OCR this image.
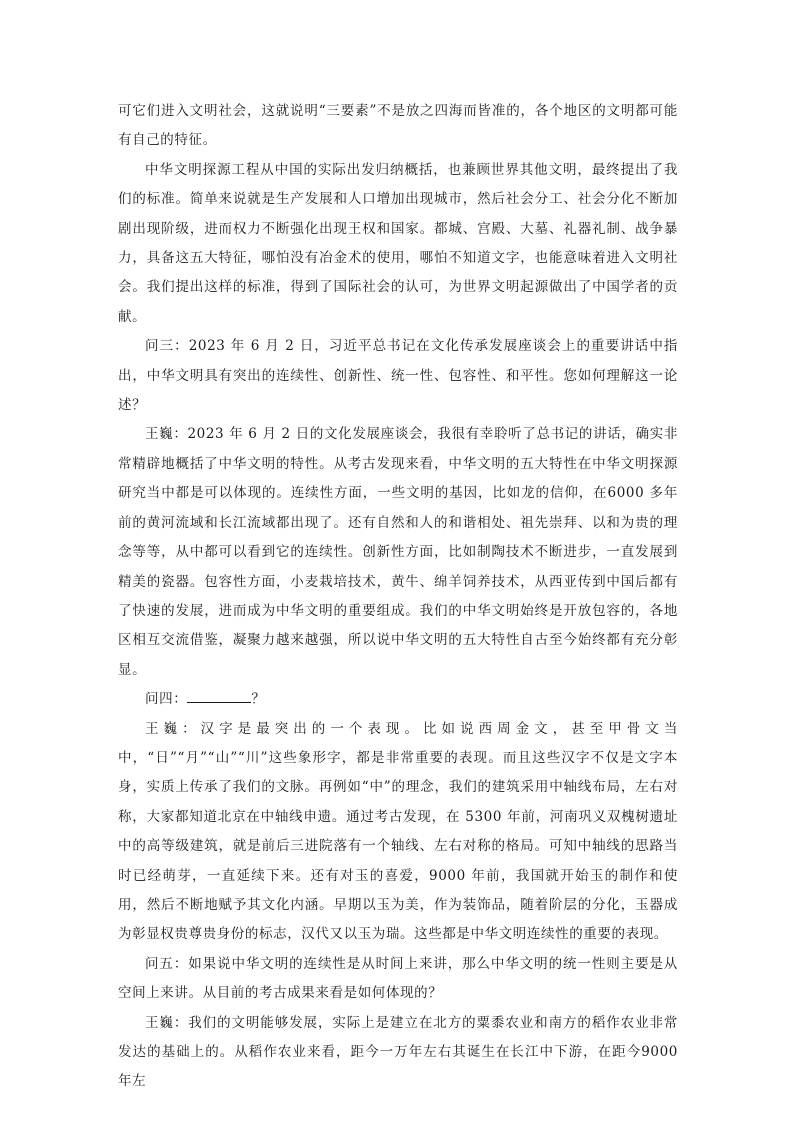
可它们进入文明社会，这就说明“三要素”不是放之四海而皆准的，各个地区的文明都可能有自己的特征。

中华文明探源工程从中国的实际出发归纳概括，也兼顾世界其他文明，最终提出了我们的标准。简单来说就是生产发展和人口增加出现城市，然后社会分工、社会分化不断加剧出现阶级，进而权力不断强化出现王权和国家。都城、宫殿、大墓、礼器礼制、战争暴力，具备这五大特征，哪怕没有冶金术的使用，哪怕不知道文字，也能意味着进入文明社会。我们提出这样的标准，得到了国际社会的认可，为世界文明起源做出了中国学者的贡献。

问三：2023 年 6 月 2 日，习近平总书记在文化传承发展座谈会上的重要讲话中指出，中华文明具有突出的连续性、创新性、统一性、包容性、和平性。您如何理解这一论述？

王巍：2023 年 6 月 2 日的文化发展座谈会，我很有幸聆听了总书记的讲话，确实非常精辟地概括了中华文明的特性。从考古发现来看，中华文明的五大特性在中华文明探源研究当中都是可以体现的。连续性方面，一些文明的基因，比如龙的信仰，在6000 多年前的黄河流域和长江流域都出现了。还有自然和人的和谐相处、祖先崇拜、以和为贵的理念等等，从中都可以看到它的连续性。创新性方面，比如制陶技术不断进步，一直发展到精美的瓷器。包容性方面，小麦栽培技术，黄牛、绵羊饲养技术，从西亚传到中国后都有了快速的发展，进而成为中华文明的重要组成。我们的中华文明始终是开放包容的，各地区相互交流借鉴，凝聚力越来越强，所以说中华文明的五大特性自古至今始终都有充分彰显。

问四：	？

王巍：汉字是最突出的一个表现。比如说西周金文，甚至甲骨文当中，“日”“月”“山”“川”这些象形字，都是非常重要的表现。而且这些汉字不仅是文字本身，实质上传承了我们的文脉。再例如“中”的理念，我们的建筑采用中轴线布局，左右对称，大家都知道北京在中轴线申遗。通过考古发现，在 5300 年前，河南巩义双槐树遗址中的高等级建筑，就是前后三进院落有一个轴线、左右对称的格局。可知中轴线的思路当时已经萌芽，一直延续下来。还有对玉的喜爱，9000 年前，我国就开始玉的制作和使用，然后不断地赋予其文化内涵。早期以玉为美，作为装饰品，随着阶层的分化，玉器成为彰显权贵尊贵身份的标志，汉代又以玉为瑞。这些都是中华文明连续性的重要的表现。

问五：如果说中华文明的连续性是从时间上来讲，那么中华文明的统一性则主要是从空间上来讲。从目前的考古成果来看是如何体现的？

王巍：我们的文明能够发展，实际上是建立在北方的粟黍农业和南方的稻作农业非常发达的基础上的。从稻作农业来看，距今一万年左右其诞生在长江中下游，在距今9000 年左
